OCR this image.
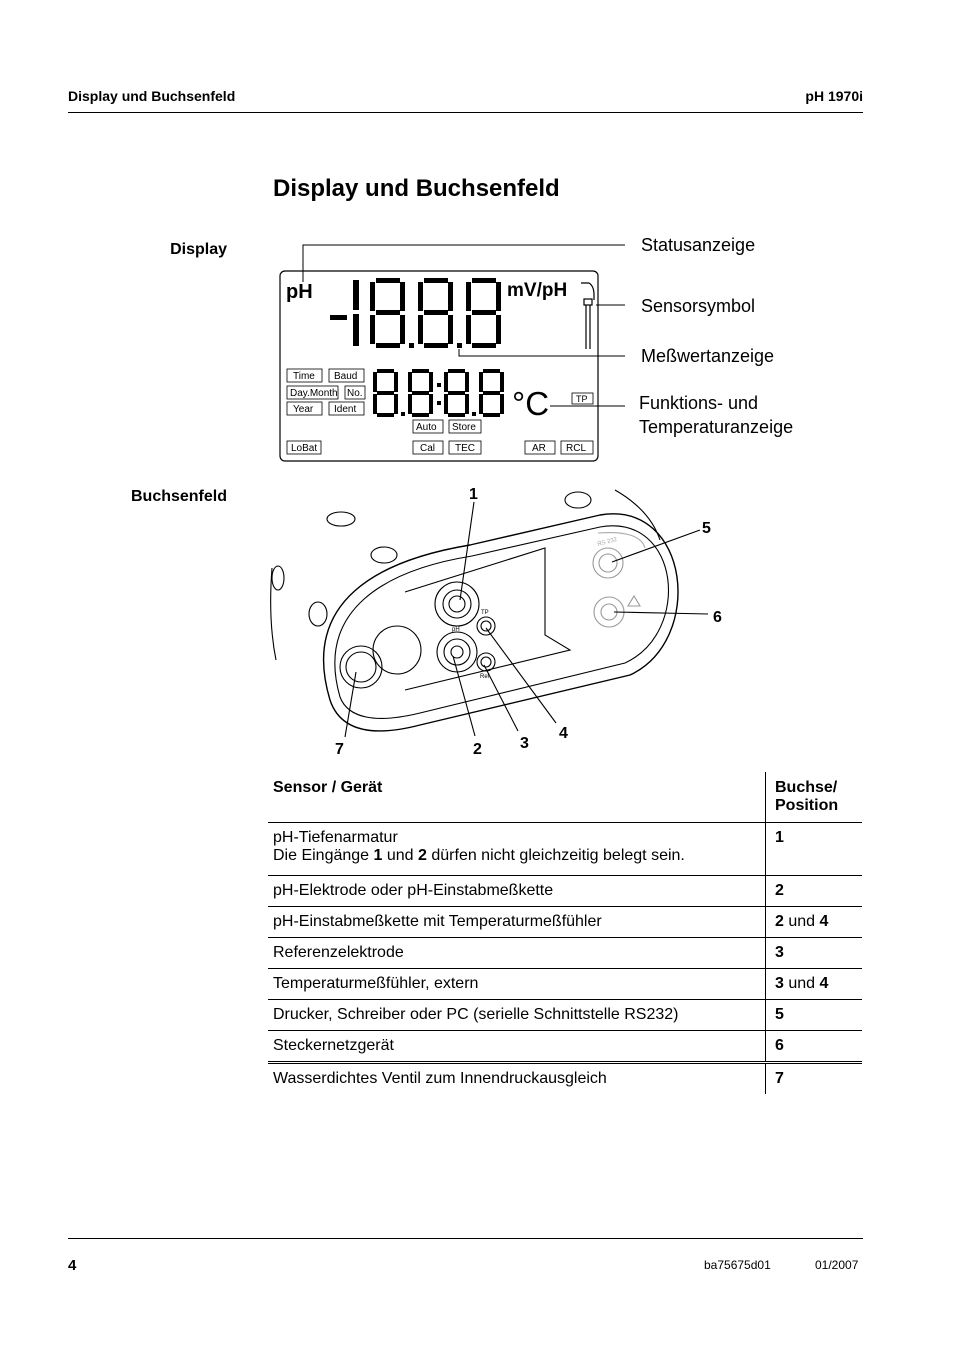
Display und Buchsenfeld	pH 1970i
Display und Buchsenfeld
Display
Buchsenfeld
pH	mV/pH
Time Baud
Day.Month No.
Year Ident
Auto Store
LoBat	Cal TEC	AR RCL
TP
°C
Statusanzeige
Sensorsymbol
Meßwertanzeige
Funktions- und
Temperaturanzeige
1
2 3
4
5
6
7
pH
TP
Ref
RS 232
Sensor / Gerät	Buchse/
Position
pH-Tiefenarmatur
Die Eingänge 1 und 2 dürfen nicht gleichzeitig belegt sein.	1
pH-Elektrode oder pH-Einstabmeßkette	2
pH-Einstabmeßkette mit Temperaturmeßfühler	2 und 4
Referenzelektrode	3
Temperaturmeßfühler, extern	3 und 4
Drucker, Schreiber oder PC (serielle Schnittstelle RS232)	5
Steckernetzgerät	6
Wasserdichtes Ventil zum Innendruckausgleich	7
4	ba75675d01	01/2007
